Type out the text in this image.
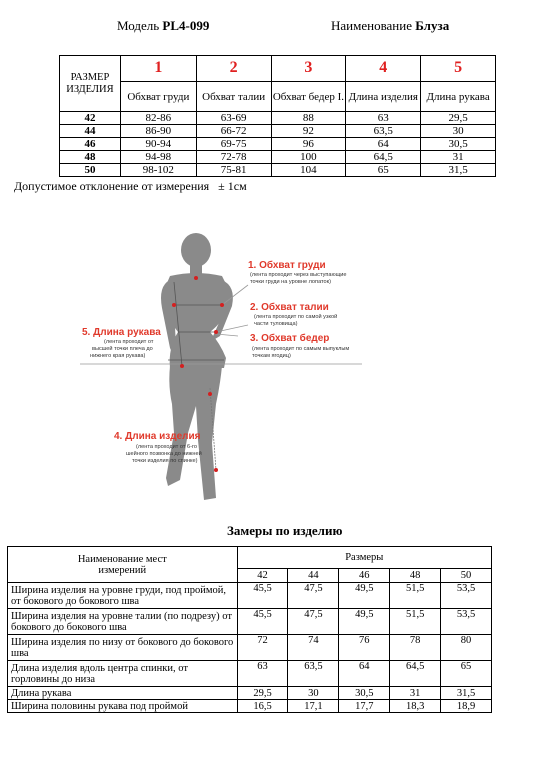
Модель PL4-099	Наименование Блуза
РАЗМЕР ИЗДЕЛИЯ	1	2	3	4	5
	Обхват груди	Обхват талии	Обхват бедер I.	Длина изделия	Длина рукава
42	82-86	63-69	88	63	29,5
44	86-90	66-72	92	63,5	30
46	90-94	69-75	96	64	30,5
48	94-98	72-78	100	64,5	31
50	98-102	75-81	104	65	31,5
Допустимое отклонение от измерения   ± 1см
1. Обхват груди
(лента проходит через выступающие
точки груди на уровне лопаток)
2. Обхват талии
(лента проходит по самой узкой
части туловища)
3. Обхват бедер
(лента проходит по самым выпуклым
точкам ягодиц)
5. Длина рукава
(лента проходит от
высшей точки плеча до
нижнего края рукава)
4. Длина изделия
(лента проходит от 6-го
шейного позвонка до нижней
точки изделия по спинке)
Замеры по изделию
Наименование мест измерений	Размеры				
	42	44	46	48	50
Ширина изделия на уровне груди, под проймой, от бокового до бокового шва	45,5	47,5	49,5	51,5	53,5
Ширина изделия на уровне талии (по подрезу) от бокового до бокового шва	45,5	47,5	49,5	51,5	53,5
Ширина изделия по низу от бокового до бокового шва	72	74	76	78	80
Длина изделия вдоль центра спинки, от горловины до низа	63	63,5	64	64,5	65
Длина рукава	29,5	30	30,5	31	31,5
Ширина половины рукава под проймой	16,5	17,1	17,7	18,3	18,9
